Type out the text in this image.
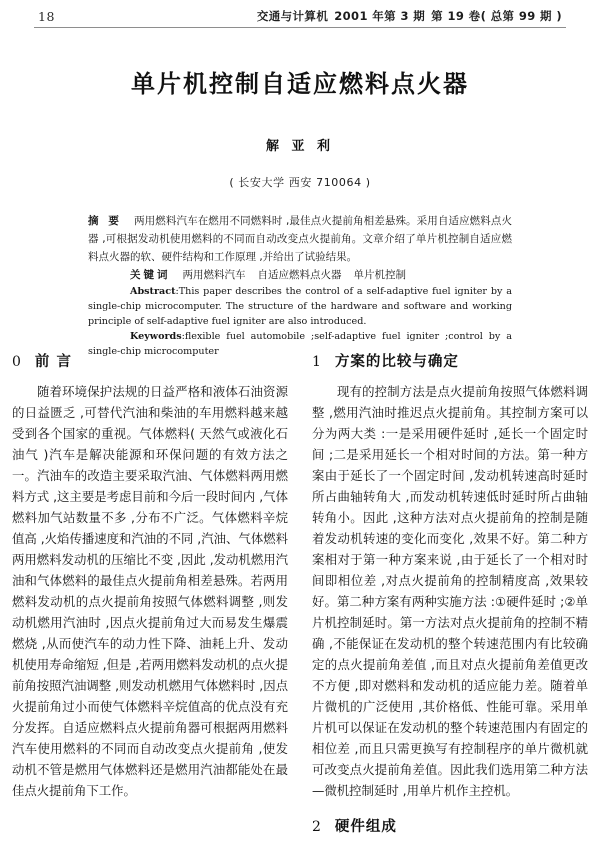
18	交通与计算机 2001 年第 3 期 第 19 卷( 总第 99 期 )
单片机控制自适应燃料点火器
解 亚 利
( 长安大学 西安 710064 )

摘 要 两用燃料汽车在燃用不同燃料时 ,最佳点火提前角相差悬殊。采用自适应燃料点火器 ,可根据发动机使用燃料的不同而自动改变点火提前角。文章介绍了单片机控制自适应燃料点火器的软、硬件结构和工作原理 ,并给出了试验结果。

关键词 两用燃料汽车 自适应燃料点火器 单片机控制

Abstract:This paper describes the control of a self-adaptive fuel igniter by a single-chip microcomputer. The structure of the hardware and software and working principle of self-adaptive fuel igniter are also introduced.

Keywords:flexible fuel automobile ;self-adaptive fuel igniter ;control by a single-chip microcomputer

0 前 言

随着环境保护法规的日益严格和液体石油资源的日益匮乏 ,可替代汽油和柴油的车用燃料越来越受到各个国家的重视。气体燃料( 天然气或液化石油气 )汽车是解决能源和环保问题的有效方法之一。汽油车的改造主要采取汽油、气体燃料两用燃料方式 ,这主要是考虑目前和今后一段时间内 ,气体燃料加气站数量不多 ,分布不广泛。气体燃料辛烷值高 ,火焰传播速度和汽油的不同 ,汽油、气体燃料两用燃料发动机的压缩比不变 ,因此 ,发动机燃用汽油和气体燃料的最佳点火提前角相差悬殊。若两用燃料发动机的点火提前角按照气体燃料调整 ,则发动机燃用汽油时 ,因点火提前角过大而易发生爆震燃烧 ,从而使汽车的动力性下降、油耗上升、发动机使用寿命缩短 ,但是 ,若两用燃料发动机的点火提前角按照汽油调整 ,则发动机燃用气体燃料时 ,因点火提前角过小而使气体燃料辛烷值高的优点没有充分发挥。自适应燃料点火提前角器可根据两用燃料汽车使用燃料的不同而自动改变点火提前角 ,使发动机不管是燃用气体燃料还是燃用汽油都能处在最佳点火提前角下工作。

1 方案的比较与确定

现有的控制方法是点火提前角按照气体燃料调整 ,燃用汽油时推迟点火提前角。其控制方案可以分为两大类 :一是采用硬件延时 ,延长一个固定时间 ;二是采用延长一个相对时间的方法。第一种方案由于延长了一个固定时间 ,发动机转速高时延时所占曲轴转角大 ,而发动机转速低时延时所占曲轴转角小。因此 ,这种方法对点火提前角的控制是随着发动机转速的变化而变化 ,效果不好。第二种方案相对于第一种方案来说 ,由于延长了一个相对时间即相位差 ,对点火提前角的控制精度高 ,效果较好。第二种方案有两种实施方法 :①硬件延时 ;②单片机控制延时。第一方法对点火提前角的控制不精确 ,不能保证在发动机的整个转速范围内有比较确定的点火提前角差值 ,而且对点火提前角差值更改不方便 ,即对燃料和发动机的适应能力差。随着单片微机的广泛使用 ,其价格低、性能可靠。采用单片机可以保证在发动机的整个转速范围内有固定的相位差 ,而且只需更换写有控制程序的单片微机就可改变点火提前角差值。因此我们选用第二种方法—微机控制延时 ,用单片机作主控机。

2 硬件组成
